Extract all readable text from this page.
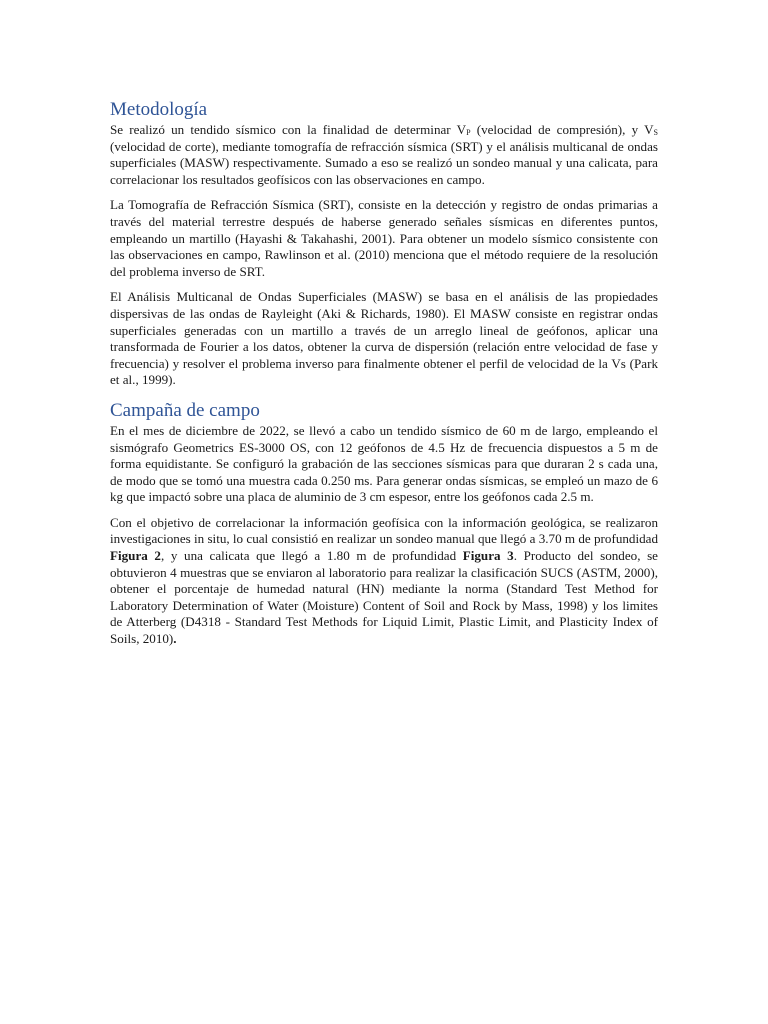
Metodología

Se realizó un tendido sísmico con la finalidad de determinar $V_P$ (velocidad de compresión), y $V_S$ (velocidad de corte), mediante tomografía de refracción sísmica (SRT) y el análisis multicanal de ondas superficiales (MASW) respectivamente. Sumado a eso se realizó un sondeo manual y una calicata, para correlacionar los resultados geofísicos con las observaciones en campo.

La Tomografía de Refracción Sísmica (SRT), consiste en la detección y registro de ondas primarias a través del material terrestre después de haberse generado señales sísmicas en diferentes puntos, empleando un martillo (Hayashi & Takahashi, 2001). Para obtener un modelo sísmico consistente con las observaciones en campo, Rawlinson et al. (2010) menciona que el método requiere de la resolución del problema inverso de SRT.

El Análisis Multicanal de Ondas Superficiales (MASW) se basa en el análisis de las propiedades dispersivas de las ondas de Rayleight (Aki & Richards, 1980). El MASW consiste en registrar ondas superficiales generadas con un martillo a través de un arreglo lineal de geófonos, aplicar una transformada de Fourier a los datos, obtener la curva de dispersión (relación entre velocidad de fase y frecuencia) y resolver el problema inverso para finalmente obtener el perfil de velocidad de la Vs (Park et al., 1999).

Campaña de campo

En el mes de diciembre de 2022, se llevó a cabo un tendido sísmico de 60 m de largo, empleando el sismógrafo Geometrics ES-3000 OS, con 12 geófonos de 4.5 Hz de frecuencia dispuestos a 5 m de forma equidistante. Se configuró la grabación de las secciones sísmicas para que duraran 2 s cada una, de modo que se tomó una muestra cada 0.250 ms. Para generar ondas sísmicas, se empleó un mazo de 6 kg que impactó sobre una placa de aluminio de 3 cm espesor, entre los geófonos cada 2.5 m.

Con el objetivo de correlacionar la información geofísica con la información geológica, se realizaron investigaciones in situ, lo cual consistió en realizar un sondeo manual que llegó a 3.70 m de profundidad Figura 2, y una calicata que llegó a 1.80 m de profundidad Figura 3. Producto del sondeo, se obtuvieron 4 muestras que se enviaron al laboratorio para realizar la clasificación SUCS (ASTM, 2000), obtener el porcentaje de humedad natural (HN) mediante la norma (Standard Test Method for Laboratory Determination of Water (Moisture) Content of Soil and Rock by Mass, 1998) y los limites de Atterberg (D4318 - Standard Test Methods for Liquid Limit, Plastic Limit, and Plasticity Index of Soils, 2010).
